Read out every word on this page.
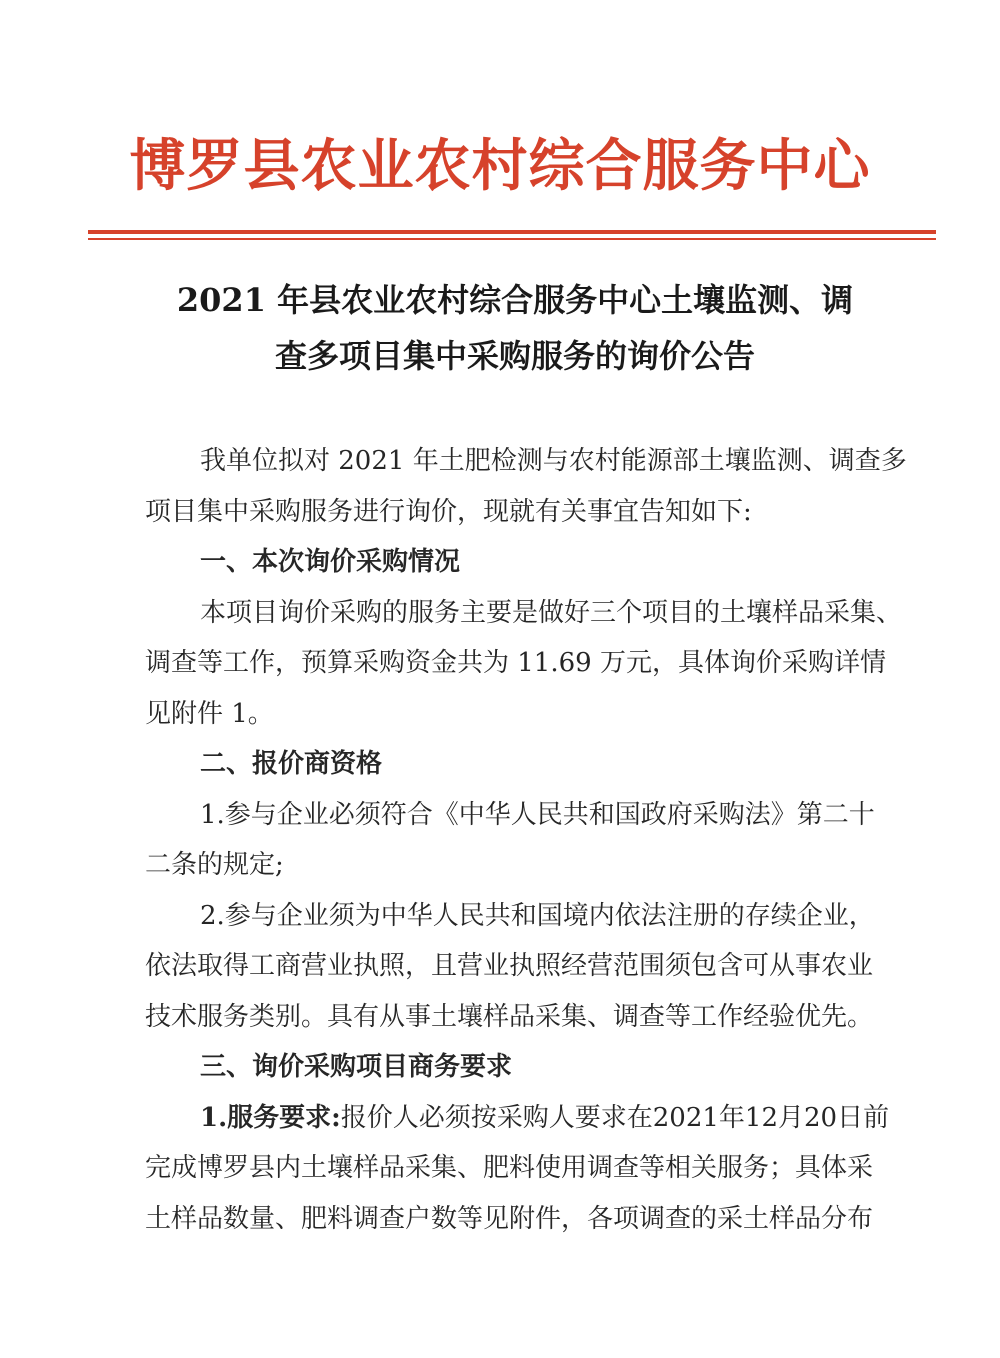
博罗县农业农村综合服务中心
2021 年县农业农村综合服务中心土壤监测、调
查多项目集中采购服务的询价公告

我单位拟对 2021 年土肥检测与农村能源部土壤监测、调查多

项目集中采购服务进行询价，现就有关事宜告知如下:

一、本次询价采购情况

本项目询价采购的服务主要是做好三个项目的土壤样品采集、

调查等工作，预算采购资金共为 11.69 万元，具体询价采购详情

见附件 1。

二、报价商资格

1.参与企业必须符合《中华人民共和国政府采购法》第二十

二条的规定;

2.参与企业须为中华人民共和国境内依法注册的存续企业，

依法取得工商营业执照，且营业执照经营范围须包含可从事农业

技术服务类别。具有从事土壤样品采集、调查等工作经验优先。

三、询价采购项目商务要求

1.服务要求:报价人必须按采购人要求在2021年12月20日前

完成博罗县内土壤样品采集、肥料使用调查等相关服务；具体采

土样品数量、肥料调查户数等见附件，各项调查的采土样品分布
